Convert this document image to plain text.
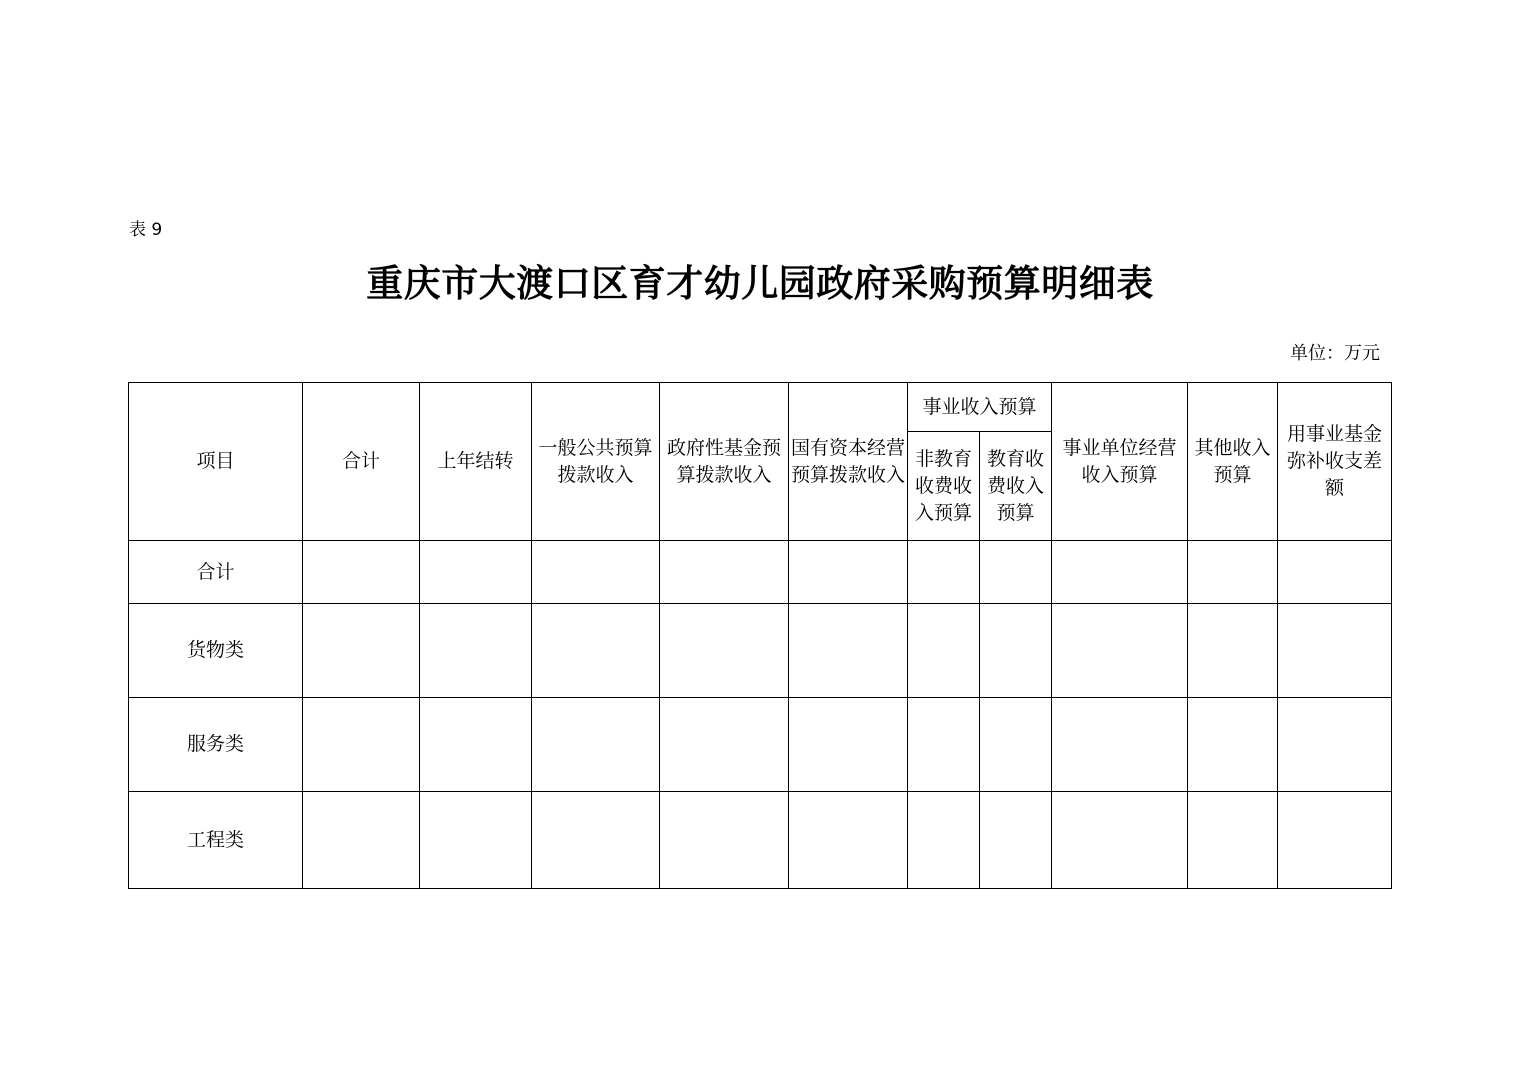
表 9
重庆市大渡口区育才幼儿园政府采购预算明细表
单位：万元
项目	合计	上年结转	一般公共预算拨款收入	政府性基金预算拨款收入	国有资本经营预算拨款收入	事业收入预算		事业单位经营收入预算	其他收入预算	用事业基金弥补收支差额
						非教育收费收入预算	教育收费收入预算			
合计										
货物类										
服务类										
工程类										
